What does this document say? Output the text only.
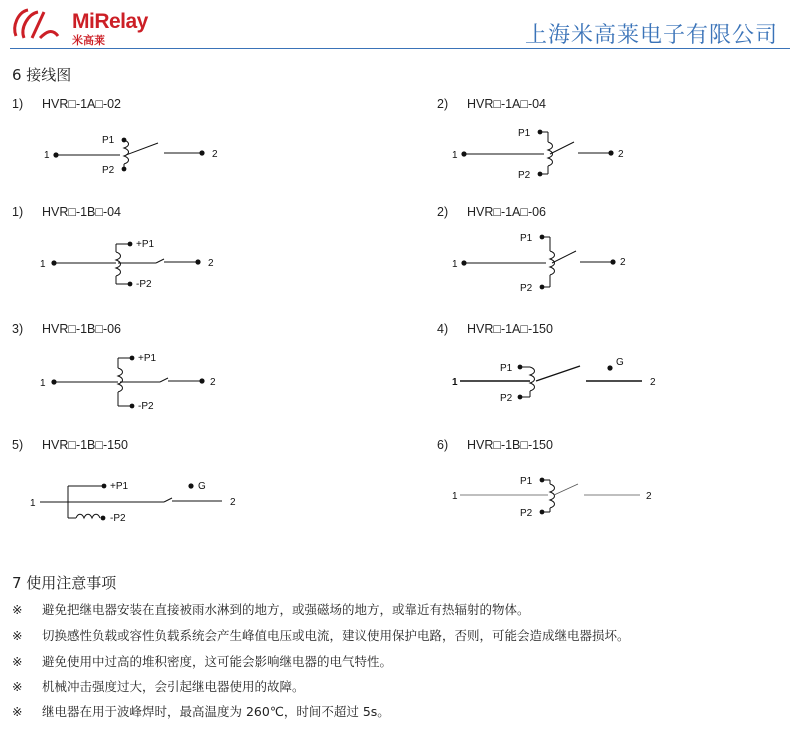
MiRelay
米高莱	上海米高莱电子有限公司
6 接线图
1) HVR□-1A□-02	2) HVR□-1A□-04
1) HVR□-1B□-04	2) HVR□-1A□-06
3) HVR□-1B□-06	4) HVR□-1A□-150
5) HVR□-1B□-150	6) HVR□-1B□-150
1
P1
P2
2	1
P1
P2
2
1
+P1
-P2
2	1
P1
P2
2
1
+P1
-P2
2	1
P1
P2
G
2
1
+P1
-P2
G
2
1
P1
P2
2
7 使用注意事项
※ 避免把继电器安装在直接被雨水淋到的地方，或强磁场的地方，或靠近有热辐射的物体。
※ 切换感性负载或容性负载系统会产生峰值电压或电流，建议使用保护电路，否则，可能会造成继电器损坏。
※ 避免使用中过高的堆积密度，这可能会影响继电器的电气特性。
※ 机械冲击强度过大，会引起继电器使用的故障。
※ 继电器在用于波峰焊时，最高温度为 260℃，时间不超过 5s。
